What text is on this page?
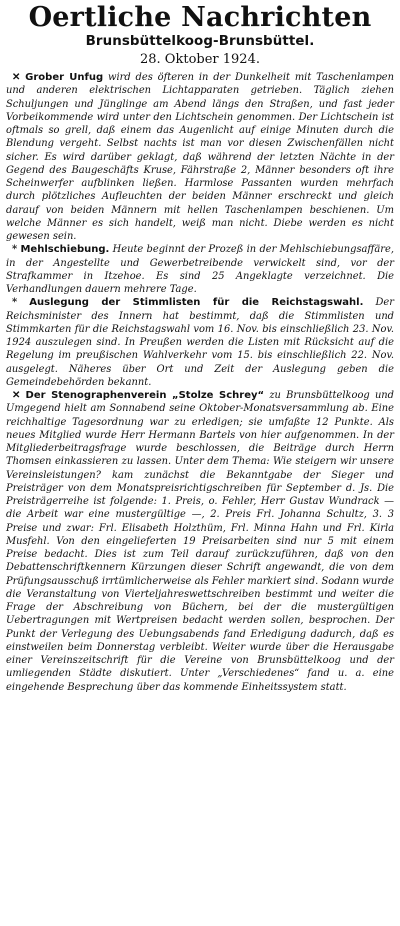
Oertliche Nachrichten
Brunsbüttelkoog-Brunsbüttel.
28. Oktober 1924.

✕ Grober Unfug wird des öfteren in der Dunkelheit mit Taschenlampen und anderen elektrischen Lichtapparaten getrieben. Täglich ziehen Schuljungen und Jünglinge am Abend längs den Straßen, und fast jeder Vorbeikommende wird unter den Lichtschein genommen. Der Lichtschein ist oftmals so grell, daß einem das Augenlicht auf einige Minuten durch die Blendung vergeht. Selbst nachts ist man vor diesen Zwischenfällen nicht sicher. Es wird darüber geklagt, daß während der letzten Nächte in der Gegend des Baugeschäfts Kruse, Fährstraße 2, Männer besonders oft ihre Scheinwerfer aufblinken ließen. Harmlose Passanten wurden mehrfach durch plötzliches Aufleuchten der beiden Männer erschreckt und gleich darauf von beiden Männern mit hellen Taschenlampen beschienen. Um welche Männer es sich handelt, weiß man nicht. Diebe werden es nicht gewesen sein.

* Mehlschiebung. Heute beginnt der Prozeß in der Mehlschiebungsaffäre, in der Angestellte und Gewerbetreibende verwickelt sind, vor der Strafkammer in Itzehoe. Es sind 25 Angeklagte verzeichnet. Die Verhandlungen dauern mehrere Tage.

* Auslegung der Stimmlisten für die Reichstagswahl. Der Reichsminister des Innern hat bestimmt, daß die Stimmlisten und Stimmkarten für die Reichstagswahl vom 16. Nov. bis einschließlich 23. Nov. 1924 auszulegen sind. In Preußen werden die Listen mit Rücksicht auf die Regelung im preußischen Wahlverkehr vom 15. bis einschließlich 22. Nov. ausgelegt. Näheres über Ort und Zeit der Auslegung geben die Gemeindebehörden bekannt.

✕ Der Stenographenverein „Stolze Schrey“ zu Brunsbüttelkoog und Umgegend hielt am Sonnabend seine Oktober-Monatsversammlung ab. Eine reichhaltige Tagesordnung war zu erledigen; sie umfaßte 12 Punkte. Als neues Mitglied wurde Herr Hermann Bartels von hier aufgenommen. In der Mitgliederbeitragsfrage wurde beschlossen, die Beiträge durch Herrn Thomsen einkassieren zu lassen. Unter dem Thema: Wie steigern wir unsere Vereinsleistungen? kam zunächst die Bekanntgabe der Sieger und Preisträger von dem Monatspreisrichtigschreiben für September d. Js. Die Preisträgerreihe ist folgende: 1. Preis, o. Fehler, Herr Gustav Wundrack — die Arbeit war eine mustergültige —, 2. Preis Frl. Johanna Schultz, 3. 3 Preise und zwar: Frl. Elisabeth Holzthüm, Frl. Minna Hahn und Frl. Kirla Musfehl. Von den eingelieferten 19 Preisarbeiten sind nur 5 mit einem Preise bedacht. Dies ist zum Teil darauf zurückzuführen, daß von den Debattenschriftkennern Kürzungen dieser Schrift angewandt, die von dem Prüfungsausschuß irrtümlicherweise als Fehler markiert sind. Sodann wurde die Veranstaltung von Vierteljahreswettschreiben bestimmt und weiter die Frage der Abschreibung von Büchern, bei der die mustergültigen Uebertragungen mit Wertpreisen bedacht werden sollen, besprochen. Der Punkt der Verlegung des Uebungsabends fand Erledigung dadurch, daß es einstweilen beim Donnerstag verbleibt. Weiter wurde über die Herausgabe einer Vereinszeitschrift für die Vereine von Brunsbüttelkoog und der umliegenden Städte diskutiert. Unter „Verschiedenes“ fand u. a. eine eingehende Besprechung über das kommende Einheitssystem statt.
